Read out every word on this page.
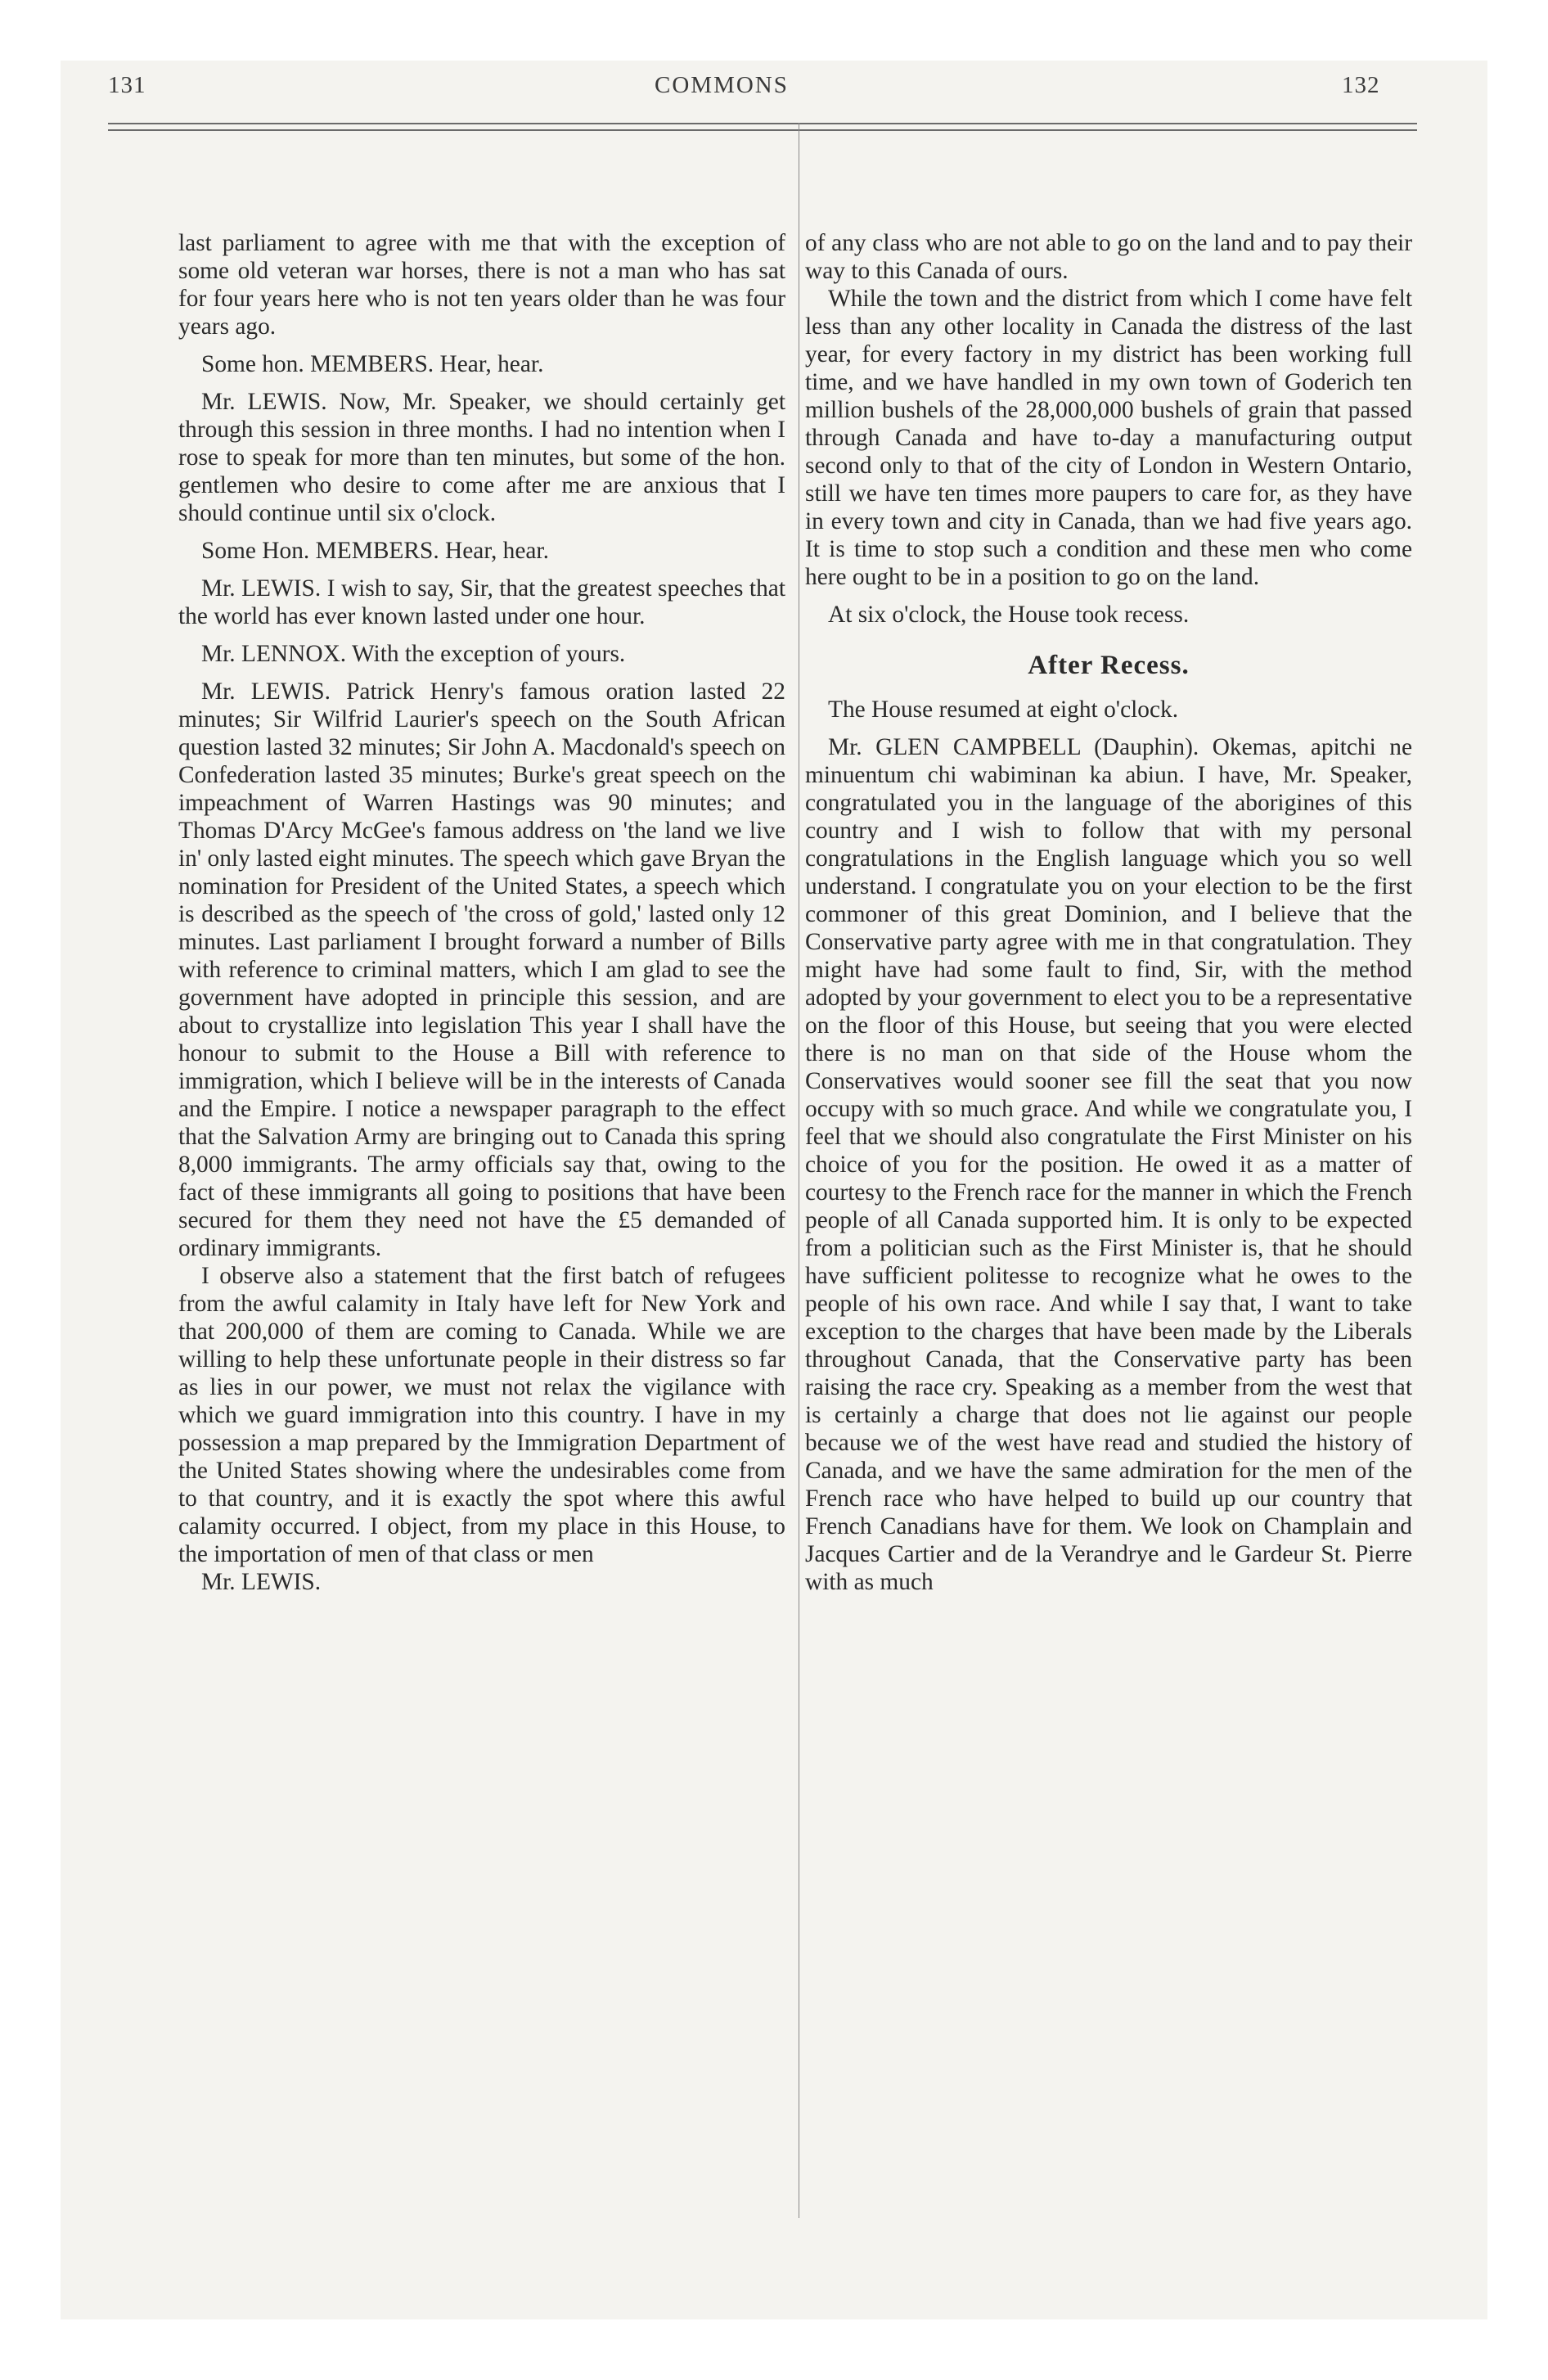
131	COMMONS	132

last parliament to agree with me that with the exception of some old veteran war horses, there is not a man who has sat for four years here who is not ten years older than he was four years ago.

Some hon. MEMBERS. Hear, hear.

Mr. LEWIS. Now, Mr. Speaker, we should certainly get through this session in three months. I had no intention when I rose to speak for more than ten minutes, but some of the hon. gentlemen who desire to come after me are anxious that I should continue until six o'clock.

Some Hon. MEMBERS. Hear, hear.

Mr. LEWIS. I wish to say, Sir, that the greatest speeches that the world has ever known lasted under one hour.

Mr. LENNOX. With the exception of yours.

Mr. LEWIS. Patrick Henry's famous oration lasted 22 minutes; Sir Wilfrid Laurier's speech on the South African question lasted 32 minutes; Sir John A. Macdonald's speech on Confederation lasted 35 minutes; Burke's great speech on the impeachment of Warren Hastings was 90 minutes; and Thomas D'Arcy McGee's famous address on 'the land we live in' only lasted eight minutes. The speech which gave Bryan the nomination for President of the United States, a speech which is described as the speech of 'the cross of gold,' lasted only 12 minutes. Last parliament I brought forward a number of Bills with reference to criminal matters, which I am glad to see the government have adopted in principle this session, and are about to crystallize into legislation This year I shall have the honour to submit to the House a Bill with reference to immigration, which I believe will be in the interests of Canada and the Empire. I notice a newspaper paragraph to the effect that the Salvation Army are bringing out to Canada this spring 8,000 immigrants. The army officials say that, owing to the fact of these immigrants all going to positions that have been secured for them they need not have the £5 demanded of ordinary immigrants.

I observe also a statement that the first batch of refugees from the awful calamity in Italy have left for New York and that 200,000 of them are coming to Canada. While we are willing to help these unfortunate people in their distress so far as lies in our power, we must not relax the vigilance with which we guard immigration into this country. I have in my possession a map prepared by the Immigration Department of the United States showing where the undesirables come from to that country, and it is exactly the spot where this awful calamity occurred. I object, from my place in this House, to the importation of men of that class or men

Mr. LEWIS.

of any class who are not able to go on the land and to pay their way to this Canada of ours.

While the town and the district from which I come have felt less than any other locality in Canada the distress of the last year, for every factory in my district has been working full time, and we have handled in my own town of Goderich ten million bushels of the 28,000,000 bushels of grain that passed through Canada and have to-day a manufacturing output second only to that of the city of London in Western Ontario, still we have ten times more paupers to care for, as they have in every town and city in Canada, than we had five years ago. It is time to stop such a condition and these men who come here ought to be in a position to go on the land.

At six o'clock, the House took recess.

After Recess.

The House resumed at eight o'clock.

Mr. GLEN CAMPBELL (Dauphin). Okemas, apitchi ne minuentum chi wabiminan ka abiun. I have, Mr. Speaker, congratulated you in the language of the aborigines of this country and I wish to follow that with my personal congratulations in the English language which you so well understand. I congratulate you on your election to be the first commoner of this great Dominion, and I believe that the Conservative party agree with me in that congratulation. They might have had some fault to find, Sir, with the method adopted by your government to elect you to be a representative on the floor of this House, but seeing that you were elected there is no man on that side of the House whom the Conservatives would sooner see fill the seat that you now occupy with so much grace. And while we congratulate you, I feel that we should also congratulate the First Minister on his choice of you for the position. He owed it as a matter of courtesy to the French race for the manner in which the French people of all Canada supported him. It is only to be expected from a politician such as the First Minister is, that he should have sufficient politesse to recognize what he owes to the people of his own race. And while I say that, I want to take exception to the charges that have been made by the Liberals throughout Canada, that the Conservative party has been raising the race cry. Speaking as a member from the west that is certainly a charge that does not lie against our people because we of the west have read and studied the history of Canada, and we have the same admiration for the men of the French race who have helped to build up our country that French Canadians have for them. We look on Champlain and Jacques Cartier and de la Verandrye and le Gardeur St. Pierre with as much
